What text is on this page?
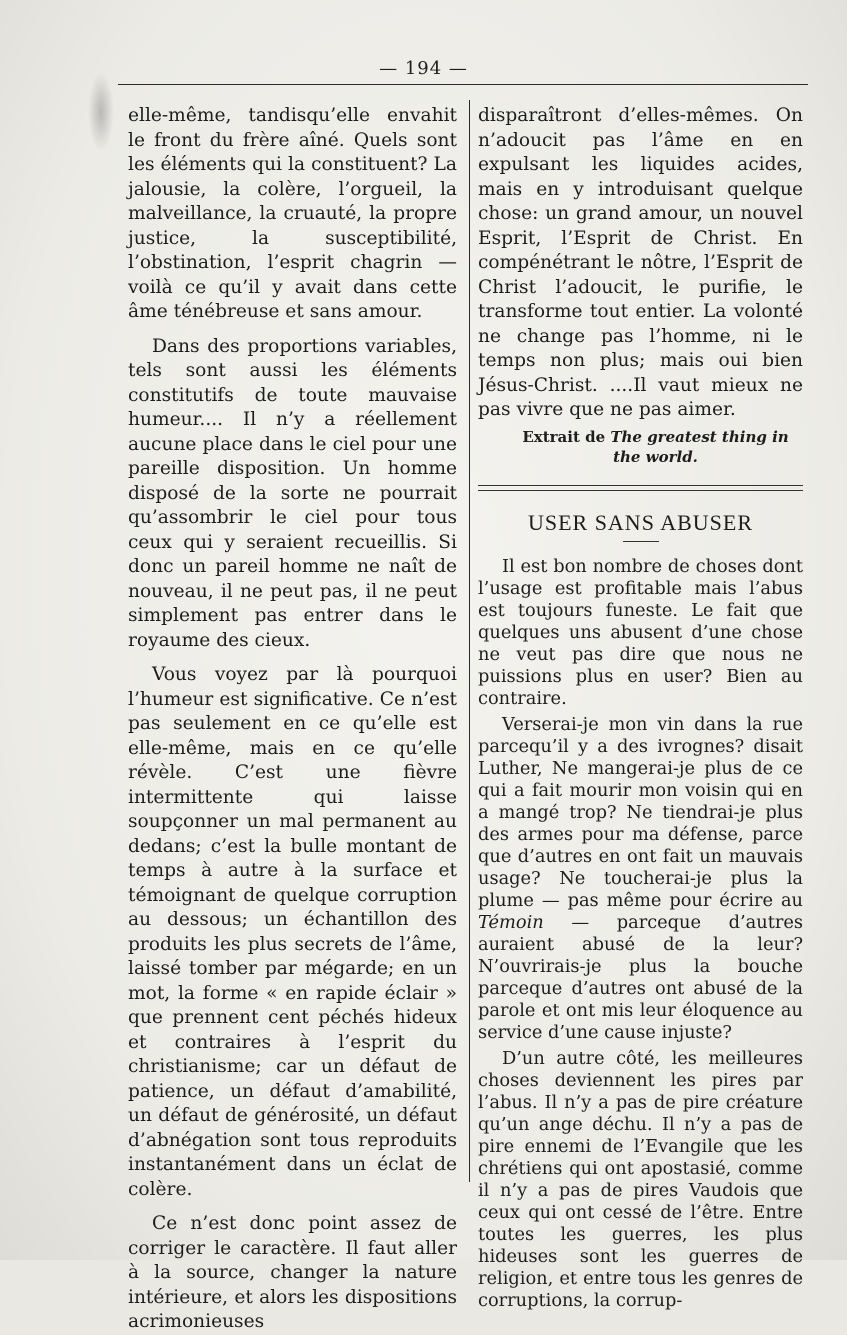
— 194 —

elle-même, tandisqu’elle envahit le front du frère aîné. Quels sont les éléments qui la constituent? La jalousie, la colère, l’orgueil, la malveillance, la cruauté, la propre justice, la susceptibilité, l’obstination, l’esprit chagrin — voilà ce qu’il y avait dans cette âme ténébreuse et sans amour.

Dans des proportions variables, tels sont aussi les éléments constitutifs de toute mauvaise humeur.... Il n’y a réellement aucune place dans le ciel pour une pareille disposition. Un homme disposé de la sorte ne pourrait qu’assombrir le ciel pour tous ceux qui y seraient recueillis. Si donc un pareil homme ne naît de nouveau, il ne peut pas, il ne peut simplement pas entrer dans le royaume des cieux.

Vous voyez par là pourquoi l’humeur est significative. Ce n’est pas seulement en ce qu’elle est elle-même, mais en ce qu’elle révèle. C’est une fièvre intermittente qui laisse soupçonner un mal permanent au dedans; c’est la bulle montant de temps à autre à la surface et témoignant de quelque corruption au dessous; un échantillon des produits les plus secrets de l’âme, laissé tomber par mégarde; en un mot, la forme « en rapide éclair » que prennent cent péchés hideux et contraires à l’esprit du christianisme; car un défaut de patience, un défaut d’amabilité, un défaut de générosité, un défaut d’abnégation sont tous reproduits instantanément dans un éclat de colère.

Ce n’est donc point assez de corriger le caractère. Il faut aller à la source, changer la nature intérieure, et alors les dispositions acrimonieuses

disparaîtront d’elles-mêmes. On n’adoucit pas l’âme en en expulsant les liquides acides, mais en y introduisant quelque chose: un grand amour, un nouvel Esprit, l’Esprit de Christ. En compénétrant le nôtre, l’Esprit de Christ l’adoucit, le purifie, le transforme tout entier. La volonté ne change pas l’homme, ni le temps non plus; mais oui bien Jésus-Christ. ....Il vaut mieux ne pas vivre que ne pas aimer.

Extrait de The greatest thing in the world.
USER SANS ABUSER

Il est bon nombre de choses dont l’usage est profitable mais l’abus est toujours funeste. Le fait que quelques uns abusent d’une chose ne veut pas dire que nous ne puissions plus en user? Bien au contraire.

Verserai-je mon vin dans la rue parcequ’il y a des ivrognes? disait Luther, Ne mangerai-je plus de ce qui a fait mourir mon voisin qui en a mangé trop? Ne tiendrai-je plus des armes pour ma défense, parce que d’autres en ont fait un mauvais usage? Ne toucherai-je plus la plume — pas même pour écrire au Témoin — parceque d’autres auraient abusé de la leur? N’ouvrirais-je plus la bouche parceque d’autres ont abusé de la parole et ont mis leur éloquence au service d’une cause injuste?

D’un autre côté, les meilleures choses deviennent les pires par l’abus. Il n’y a pas de pire créature qu’un ange déchu. Il n’y a pas de pire ennemi de l’Evangile que les chrétiens qui ont apostasié, comme il n’y a pas de pires Vaudois que ceux qui ont cessé de l’être. Entre toutes les guerres, les plus hideuses sont les guerres de religion, et entre tous les genres de corruptions, la corrup-
